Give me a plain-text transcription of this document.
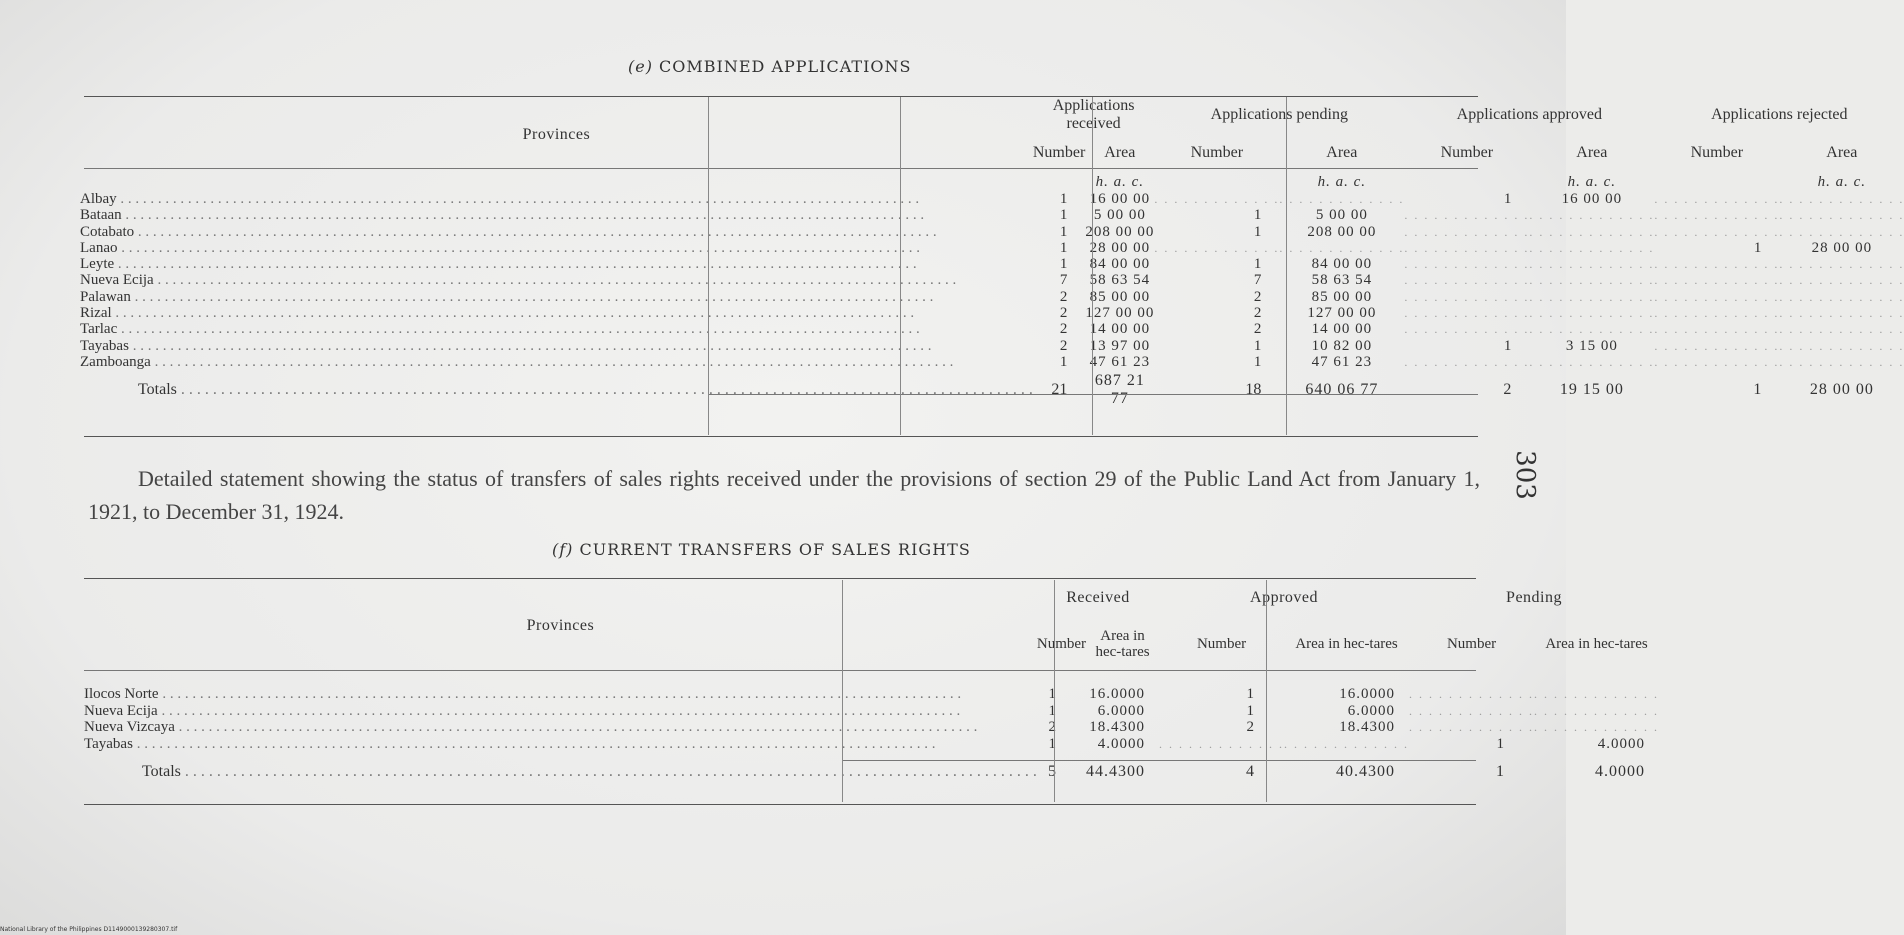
(e) COMBINED APPLICATIONS
Provinces	Applications received		Applications pending		Applications approved		Applications rejected	
	Number	Area	Number	Area	Number	Area	Number	Area
		h. a. c.		h. a. c.		h. a. c.		h. a. c.

Albay . . .	1	16 00 00	. . . . . . . . . . . . .	. . . . . . . . . . . . .	1	16 00 00	. . . . . . . . . . . . .	. . . . . . . . . . . . .

Bataan . . .	1	5 00 00	1	5 00 00	. . . . . . . . . . . . .	. . . . . . . . . . . . .	. . . . . . . . . . . . .	. . . . . . . . . . . . .

Cotabato . . .	1	208 00 00	1	208 00 00	. . . . . . . . . . . . .	. . . . . . . . . . . . .	. . . . . . . . . . . . .	. . . . . . . . . . . . .

Lanao . . .	1	28 00 00	. . . . . . . . . . . . .	. . . . . . . . . . . . .	. . . . . . . . . . . . .	. . . . . . . . . . . . .	1	28 00 00

Leyte . . .	1	84 00 00	1	84 00 00	. . . . . . . . . . . . .	. . . . . . . . . . . . .	. . . . . . . . . . . . .	. . . . . . . . . . . . .

Nueva Ecija . . .	7	58 63 54	7	58 63 54	. . . . . . . . . . . . .	. . . . . . . . . . . . .	. . . . . . . . . . . . .	. . . . . . . . . . . . .

Palawan . . .	2	85 00 00	2	85 00 00	. . . . . . . . . . . . .	. . . . . . . . . . . . .	. . . . . . . . . . . . .	. . . . . . . . . . . . .

Rizal . . .	2	127 00 00	2	127 00 00	. . . . . . . . . . . . .	. . . . . . . . . . . . .	. . . . . . . . . . . . .	. . . . . . . . . . . . .

Tarlac . . .	2	14 00 00	2	14 00 00	. . . . . . . . . . . . .	. . . . . . . . . . . . .	. . . . . . . . . . . . .	. . . . . . . . . . . . .

Tayabas . . .	2	13 97 00	1	10 82 00	1	3 15 00	. . . . . . . . . . . . .	. . . . . . . . . . . . .

Zamboanga . . .	1	47 61 23	1	47 61 23	. . . . . . . . . . . . .	. . . . . . . . . . . . .	. . . . . . . . . . . . .	. . . . . . . . . . . . .

Totals . . .	21	687 21 77	18	640 06 77	2	19 15 00	1	28 00 00
Detailed statement showing the status of transfers of sales rights received under the provisions of section 29 of the Public Land Act from January 1, 1921, to December 31, 1924.
(f) CURRENT TRANSFERS OF SALES RIGHTS
Provinces	Received		Approved		Pending	
	Number	Area in hec-tares	Number	Area in hec-tares	Number	Area in hec-tares

Ilocos Norte . . .	1	16.0000	1	16.0000	. . . . . . . . . . . . .	. . . . . . . . . . . . .

Nueva Ecija . . .	1	6.0000	1	6.0000	. . . . . . . . . . . . .	. . . . . . . . . . . . .

Nueva Vizcaya . . .	2	18.4300	2	18.4300	. . . . . . . . . . . . .	. . . . . . . . . . . . .

Tayabas . . .	1	4.0000	. . . . . . . . . . . . .	. . . . . . . . . . . . .	1	4.0000

Totals . . .	5	44.4300	4	40.4300	1	4.0000
303
National Library of the Philippines D1149000139280307.tif
